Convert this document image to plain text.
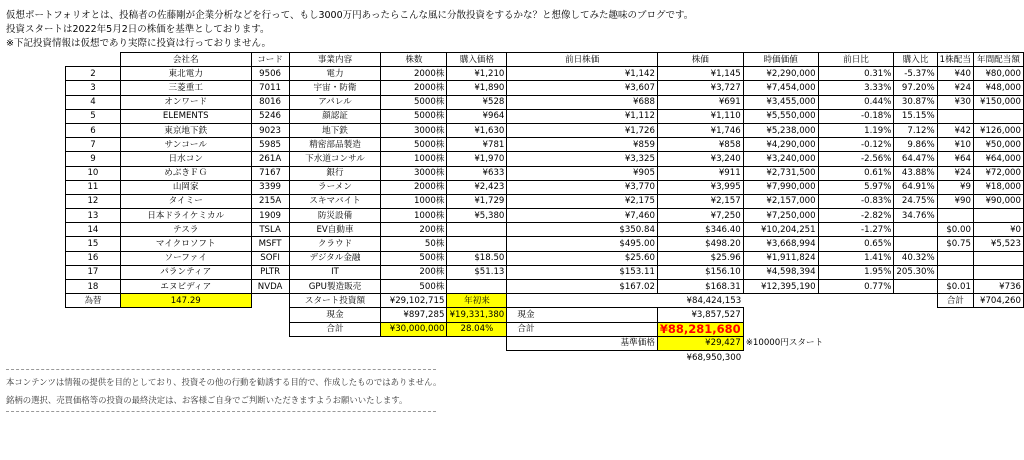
仮想ポートフォリオとは、投稿者の佐藤剛が企業分析などを行って、もし3000万円あったらこんな風に分散投資をするかな？と想像してみた趣味のブログです。
投資スタートは2022年5月2日の株価を基準としております。
※下記投資情報は仮想であり実際に投資は行っておりません。
	会社名	コード	事業内容	株数	購入価格	前日株価	株価	時価価値	前日比	購入比	1株配当	年間配当額
2	東北電力	9506	電力	2000株	¥1,210	¥1,142	¥1,145	¥2,290,000	0.31%	-5.37%	¥40	¥80,000
3	三菱重工	7011	宇宙・防衛	2000株	¥1,890	¥3,607	¥3,727	¥7,454,000	3.33%	97.20%	¥24	¥48,000
4	オンワード	8016	アパレル	5000株	¥528	¥688	¥691	¥3,455,000	0.44%	30.87%	¥30	¥150,000
5	ELEMENTS	5246	顔認証	5000株	¥964	¥1,112	¥1,110	¥5,550,000	-0.18%	15.15%		
6	東京地下鉄	9023	地下鉄	3000株	¥1,630	¥1,726	¥1,746	¥5,238,000	1.19%	7.12%	¥42	¥126,000
7	サンコール	5985	精密部品製造	5000株	¥781	¥859	¥858	¥4,290,000	-0.12%	9.86%	¥10	¥50,000
9	日水コン	261A	下水道コンサル	1000株	¥1,970	¥3,325	¥3,240	¥3,240,000	-2.56%	64.47%	¥64	¥64,000
10	めぶきＦＧ	7167	銀行	3000株	¥633	¥905	¥911	¥2,731,500	0.61%	43.88%	¥24	¥72,000
11	山岡家	3399	ラーメン	2000株	¥2,423	¥3,770	¥3,995	¥7,990,000	5.97%	64.91%	¥9	¥18,000
12	タイミー	215A	スキマバイト	1000株	¥1,729	¥2,175	¥2,157	¥2,157,000	-0.83%	24.75%	¥90	¥90,000
13	日本ドライケミカル	1909	防災設備	1000株	¥5,380	¥7,460	¥7,250	¥7,250,000	-2.82%	34.76%		
14	テスラ	TSLA	EV自動車	200株		$350.84	$346.40	¥10,204,251	-1.27%		$0.00	¥0
15	マイクロソフト	MSFT	クラウド	50株		$495.00	$498.20	¥3,668,994	0.65%		$0.75	¥5,523
16	ソーファイ	SOFI	デジタル金融	500株	$18.50	$25.60	$25.96	¥1,911,824	1.41%	40.32%		
17	パランティア	PLTR	IT	200株	$51.13	$153.11	$156.10	¥4,598,394	1.95%	205.30%		
18	エヌビディア	NVDA	GPU製造販売	500株		$167.02	$168.31	¥12,395,190	0.77%		$0.01	¥736
為替	147.29		スタート投資額	¥29,102,715	年初来	¥84,424,153					合計	¥704,260
			現金	¥897,285	¥19,331,380	現金	¥3,857,527					
			合計	¥30,000,000	28.04%	合計	¥88,281,680					
						基準価格	¥29,427	※10000円スタート				
							¥68,950,300					

本コンテンツは情報の提供を目的としており、投資その他の行動を勧誘する目的で、作成したものではありません。

銘柄の選択、売買価格等の投資の最終決定は、お客様ご自身でご判断いただきますようお願いいたします。
